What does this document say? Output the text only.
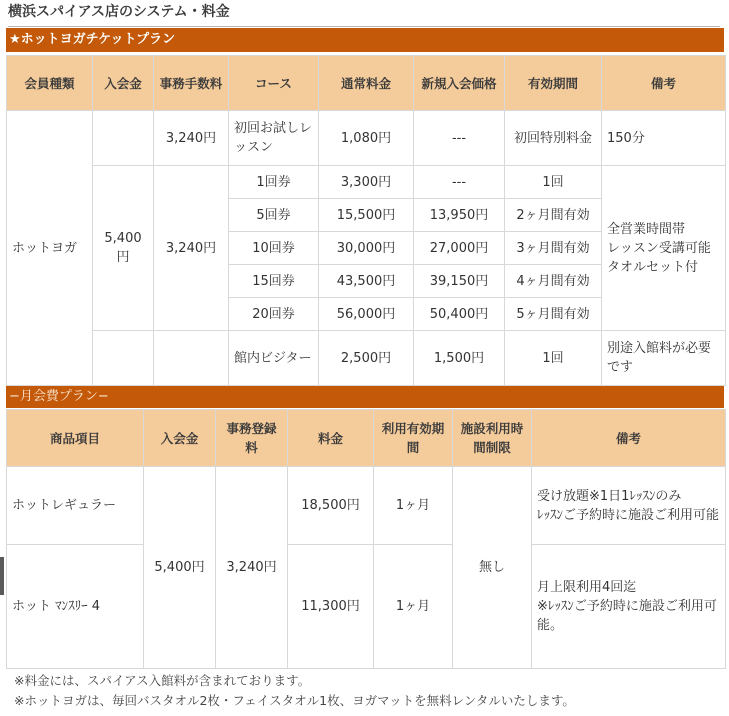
横浜スパイアス店のシステム・料金
★ホットヨガチケットプラン
会員種類	入会金	事務手数料	コース	通常料金	新規入会価格	有効期間	備考
ホットヨガ		3,240円	初回お試しレッスン	1,080円	---	初回特別料金	150分
	5,400円	3,240円	1回券	3,300円	---	1回	全営業時間帯
レッスン受講可能
タオルセット付

			5回券	15,500円	13,950円	2ヶ月間有効	
			10回券	30,000円	27,000円	3ヶ月間有効	
			15回券	43,500円	39,150円	4ヶ月間有効	
			20回券	56,000円	50,400円	5ヶ月間有効	
			館内ビジター	2,500円	1,500円	1回	別途入館料が必要です
−月会費プラン−
商品項目	入会金	事務登録料	料金	利用有効期間	施設利用時間制限	備考
ホットレギュラー	5,400円	3,240円	18,500円	1ヶ月	無し	受け放題※1日1ﾚｯｽﾝのみ
ﾚｯｽﾝご予約時に施設ご利用可能

ホット ﾏﾝｽﾘｰ 4			11,300円	1ヶ月		月上限利用4回迄
※ﾚｯｽﾝご予約時に施設ご利用可能。
※料金には、スパイアス入館料が含まれております。
※ホットヨガは、毎回バスタオル2枚・フェイスタオル1枚、ヨガマットを無料レンタルいたします。
